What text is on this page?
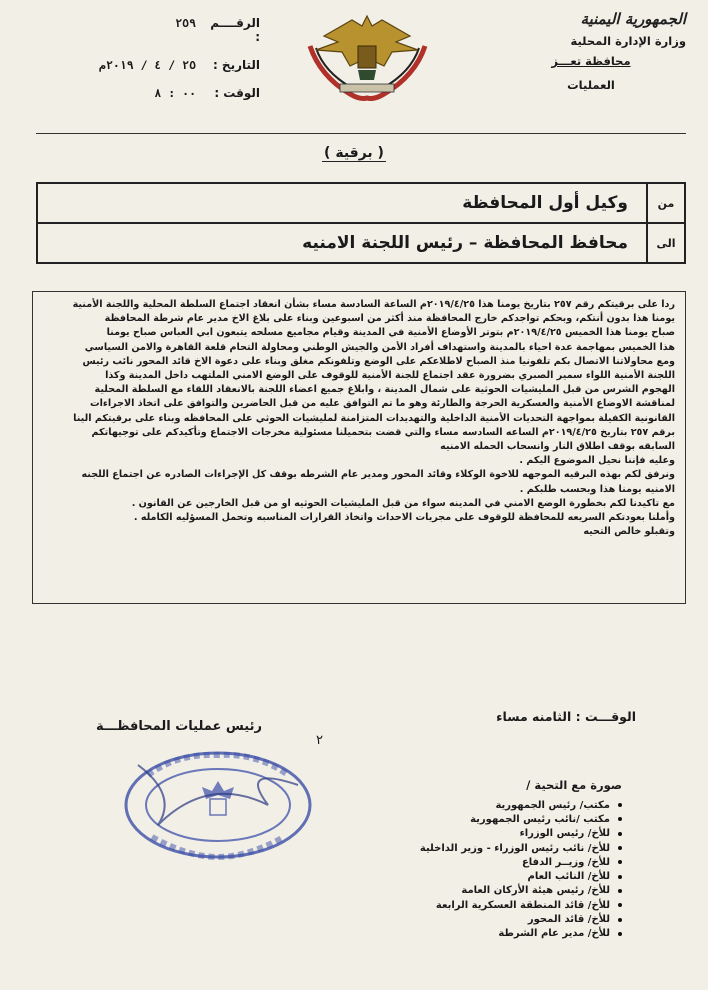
الجمهورية اليمنية
وزارة الإدارة المحلية
محافظة تعـــز
العمليات
الرقــــم :
٢٥٩
التاريخ :
٢٥ / ٤ / ٢٠١٩م
الوقت :
٠٠ : ٨
( برقية )
من
وكيل أول المحافظة
الى
محافظ المحافظة – رئيس اللجنة الامنيه

ردا على برقيتكم رقم ٢٥٧ بتاريخ يومنا هذا ٢٠١٩/٤/٢٥م الساعة السادسة مساء بشأن انعقاد اجتماع السلطة المحلية واللجنة الأمنية

يومنا هذا بدون أنتكم، وبحكم تواجدكم خارج المحافظة منذ أكثر من اسبوعين وبناء على بلاغ الاخ مدير عام شرطة المحافظة

صباح يومنا هذا الخميس ٢٠١٩/٤/٢٥م بتوتر الأوضاع الأمنية في المدينة وقيام مجاميع مسلحه يتبعون ابي العباس صباح يومنا

هذا الخميس بمهاجمة عدة احياء بالمدينة واستهداف أفراد الأمن والجيش الوطني ومحاولة التحام قلعة القاهرة والامن السياسي

ومع محاولاتنا الاتصال بكم تلفونيا منذ الصباح لاطلاعكم على الوضع وتلفونكم مغلق وبناء على دعوة الاخ قائد المحور نائب رئيس

اللجنة الأمنية اللواء سمير الصبري بضرورة عقد اجتماع للجنة الأمنية للوقوف على الوضع الامني الملتهب داخل المدينة وكذا

الهجوم الشرس من قبل المليشيات الحوثية على شمال المدينة ، وابلاغ جميع اعضاء اللجنة بالانعقاد اللقاء مع السلطة المحلية

لمناقشة الاوضاع الأمنية والعسكرية الحرجة والطارئة وهو ما تم التوافق عليه من قبل الحاضرين والتوافق على اتخاذ الاجراءات

القانونية الكفيلة بمواجهة التحديات الأمنية الداخلية والتهديدات المتزامنة لمليشيات الحوثي على المحافظه وبناء على برقيتكم الينا

برقم ٢٥٧ بتاريخ ٢٠١٩/٤/٢٥م الساعه السادسه مساء والتي قضت بتحميلنا مسئولية مخرجات الاجتماع وتأكيدكم على توجيهاتكم

السابقه بوقف اطلاق النار وانسحاب الحمله الامنيه

وعليه فإننا نحيل الموضوع اليكم .

ونرفق لكم بهذه البرقيه الموجهه للاخوة الوكلاء وقائد المحور ومدير عام الشرطه بوقف كل الإجراءات الصادره عن اجتماع اللجنه

الامنيه يومنا هذا وبحسب طلبكم .

مع تاكيدنا لكم بخطورة الوضع الامني في المدينه سواء من قبل المليشيات الحوثيه او من قبل الخارجين عن القانون .

وأملنا بعودتكم السريعه للمحافظة للوقوف على مجريات الاحداث واتخاذ القرارات المناسبه وتحمل المسؤليه الكامله .

وتقبلو خالص التحيه

الوقـــت : الثامنه مساء
رئيس عمليات المحافظـــة
٢
صورة مع التحية /
مكتب/ رئيس الجمهورية
مكتب /نائب رئيس الجمهورية
للأخ/ رئيس الوزراء
للأخ/ نائب رئيس الوزراء - وزير الداخلية
للأخ/ وزيــر الدفاع
للأخ/ النائب العام
للأخ/ رئيس هيئة الأركان العامة
للأخ/ قائد المنطقة العسكرية الرابعة
للأخ/ قائد المحور
للأخ/ مدير عام الشرطة
